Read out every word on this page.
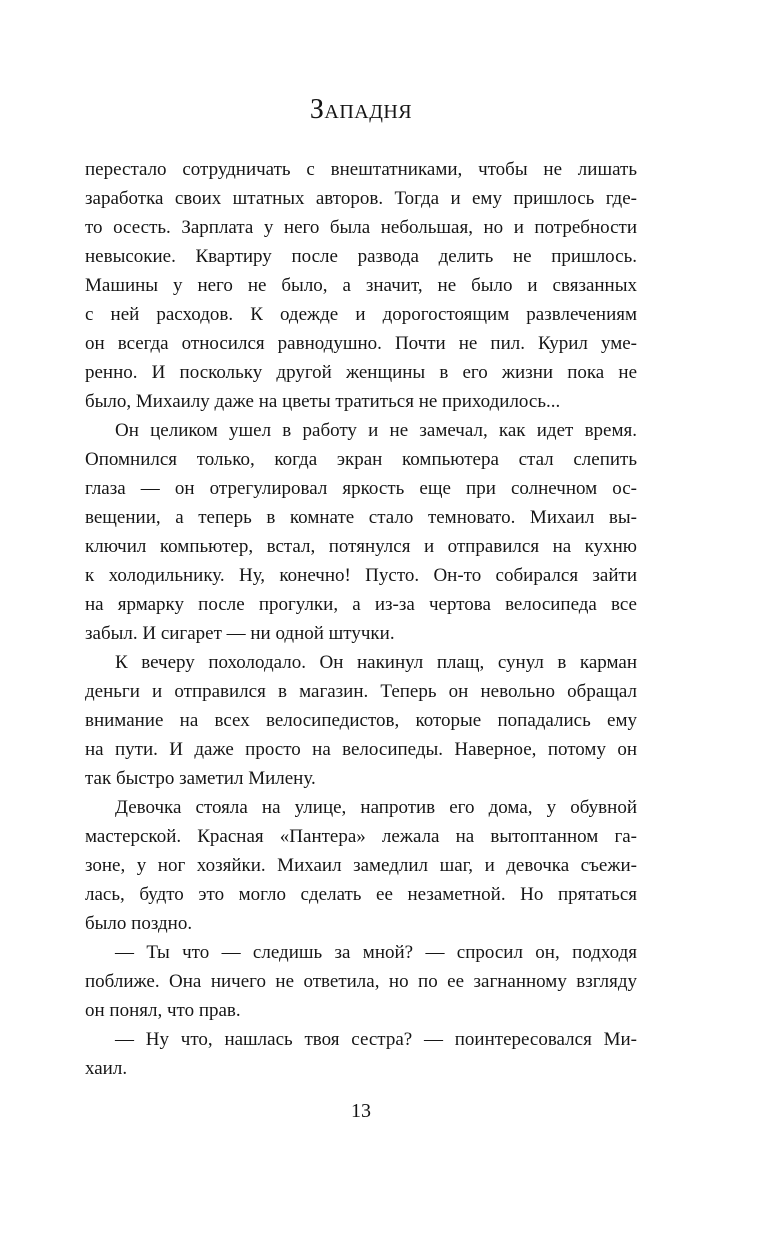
Западня
перестало сотрудничать с внештатниками, чтобы не лишать
заработка своих штатных авторов. Тогда и ему пришлось где-
то осесть. Зарплата у него была небольшая, но и потребности
невысокие. Квартиру после развода делить не пришлось.
Машины у него не было, а значит, не было и связанных
с ней расходов. К одежде и дорогостоящим развлечениям
он всегда относился равнодушно. Почти не пил. Курил уме-
ренно. И поскольку другой женщины в его жизни пока не
было, Михаилу даже на цветы тратиться не приходилось...
Он целиком ушел в работу и не замечал, как идет время.
Опомнился только, когда экран компьютера стал слепить
глаза — он отрегулировал яркость еще при солнечном ос-
вещении, а теперь в комнате стало темновато. Михаил вы-
ключил компьютер, встал, потянулся и отправился на кухню
к холодильнику. Ну, конечно! Пусто. Он-то собирался зайти
на ярмарку после прогулки, а из-за чертова велосипеда все
забыл. И сигарет — ни одной штучки.
К вечеру похолодало. Он накинул плащ, сунул в карман
деньги и отправился в магазин. Теперь он невольно обращал
внимание на всех велосипедистов, которые попадались ему
на пути. И даже просто на велосипеды. Наверное, потому он
так быстро заметил Милену.
Девочка стояла на улице, напротив его дома, у обувной
мастерской. Красная «Пантера» лежала на вытоптанном га-
зоне, у ног хозяйки. Михаил замедлил шаг, и девочка съежи-
лась, будто это могло сделать ее незаметной. Но прятаться
было поздно.
— Ты что — следишь за мной? — спросил он, подходя
поближе. Она ничего не ответила, но по ее загнанному взгляду
он понял, что прав.
— Ну что, нашлась твоя сестра? — поинтересовался Ми-
хаил.
13
